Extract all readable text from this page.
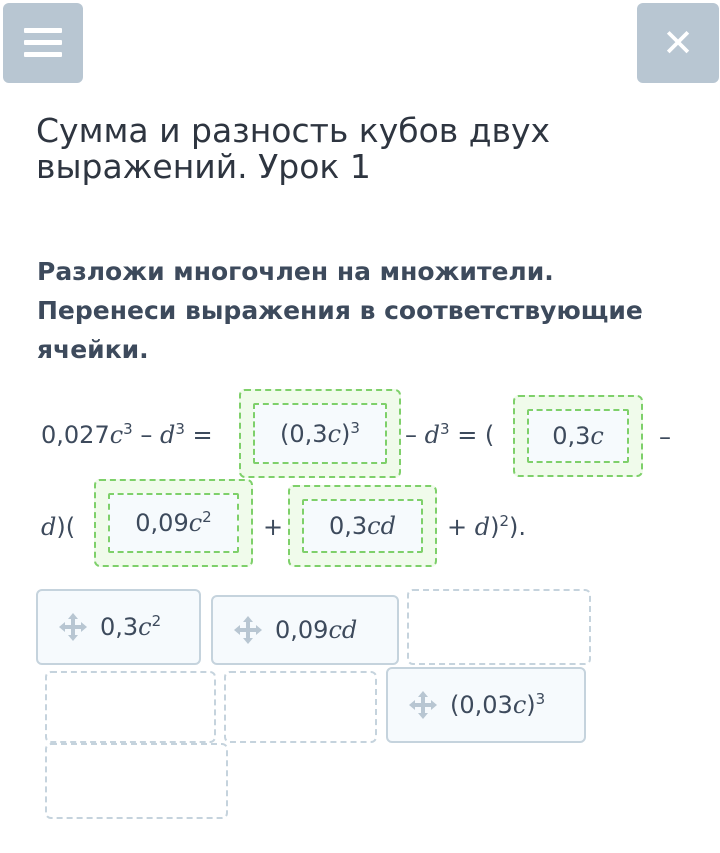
✕
Сумма и разность кубов двух выражений. Урок 1

Разложи многочлен на множители. Перенеси выражения в соответствующие ячейки.

$0,027c^3 - d^3$ =	(0,3 c )$^3 - d^3$ = ( 0,3 c –
d)(	0,09 $c^2 + 0,3$ cd + d)$^2$).
0,3 $c^2$	0,09 cd
(0,03 c )$^3$
